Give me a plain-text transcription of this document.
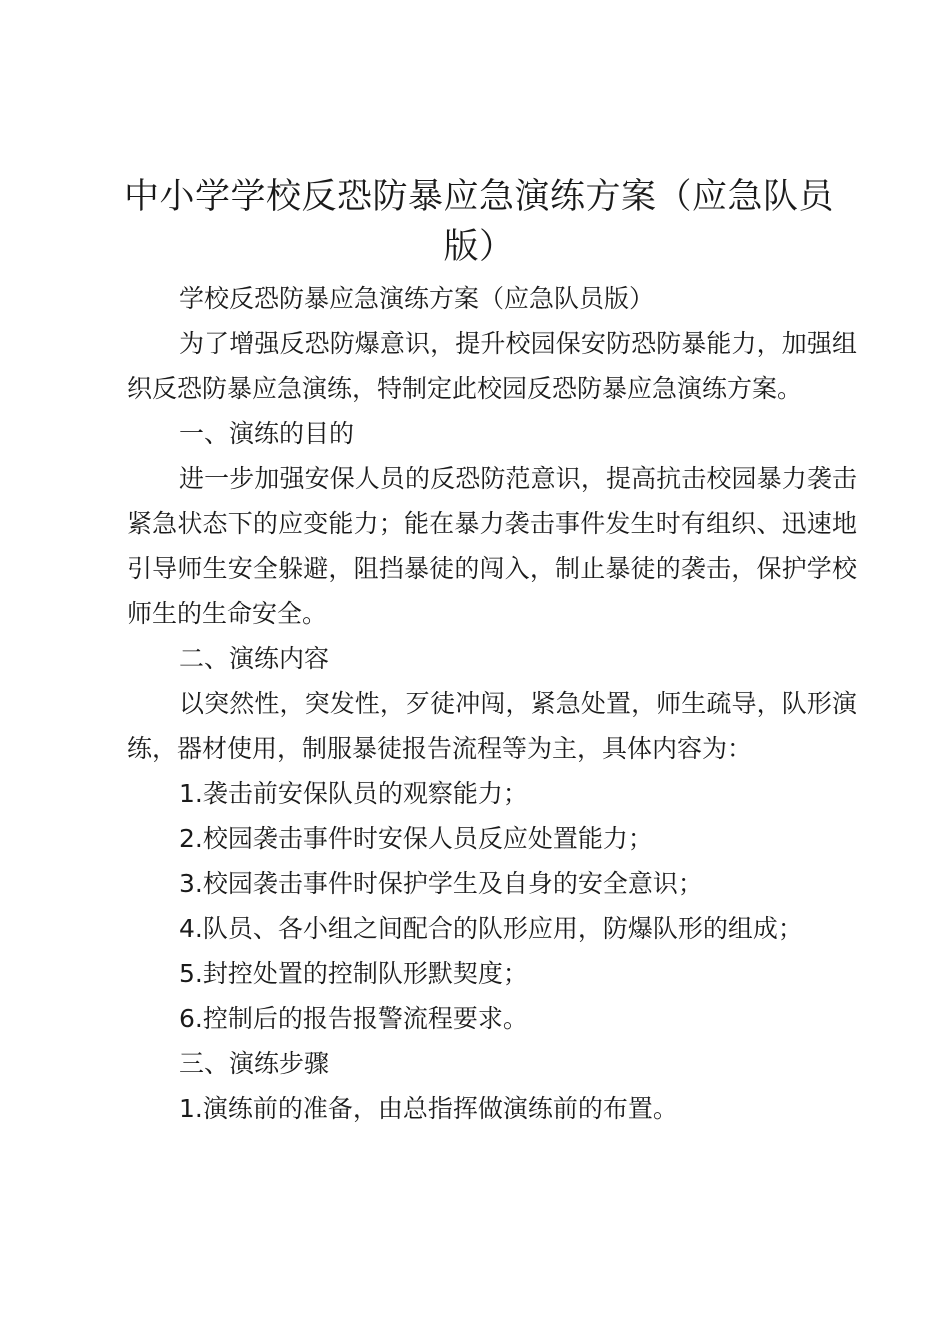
中小学学校反恐防暴应急演练方案（应急队员版）

学校反恐防暴应急演练方案（应急队员版）

为了增强反恐防爆意识，提升校园保安防恐防暴能力，加强组织反恐防暴应急演练，特制定此校园反恐防暴应急演练方案。

一、演练的目的

进一步加强安保人员的反恐防范意识，提高抗击校园暴力袭击紧急状态下的应变能力；能在暴力袭击事件发生时有组织、迅速地引导师生安全躲避，阻挡暴徒的闯入，制止暴徒的袭击，保护学校师生的生命安全。

二、演练内容

以突然性，突发性，歹徒冲闯，紧急处置，师生疏导，队形演练，器材使用，制服暴徒报告流程等为主，具体内容为：

1.袭击前安保队员的观察能力；

2.校园袭击事件时安保人员反应处置能力；

3.校园袭击事件时保护学生及自身的安全意识；

4.队员、各小组之间配合的队形应用，防爆队形的组成；

5.封控处置的控制队形默契度；

6.控制后的报告报警流程要求。

三、演练步骤

1.演练前的准备，由总指挥做演练前的布置。
